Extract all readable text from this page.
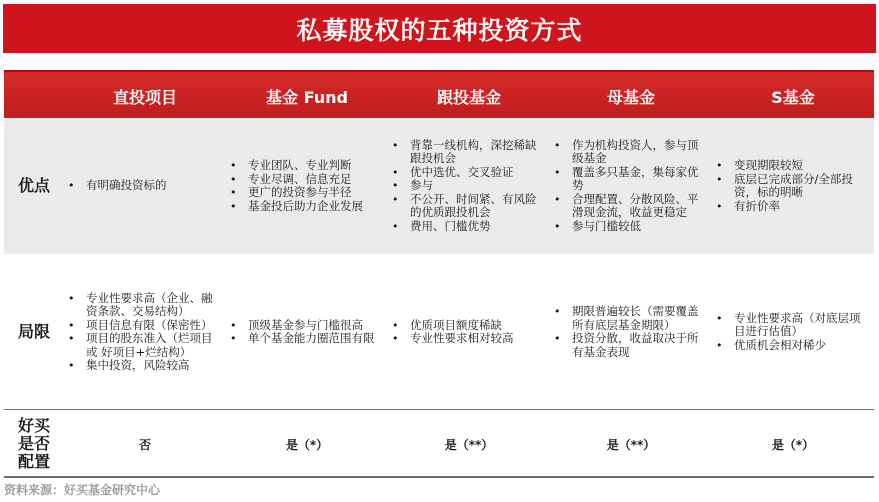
私募股权的五种投资方式
直投项目	基金 Fund	跟投基金	母基金	S基金
优点
•	有明确投资标的
• 专业团队、专业判断
• 专业尽调、信息充足
• 更广的投资参与半径
• 基金投后助力企业发展
• 背靠一线机构，深挖稀缺跟投机会
• 优中选优、交叉验证
• 参与
• 不公开、时间紧、有风险的优质跟投机会
• 费用、门槛优势
• 作为机构投资人，参与顶级基金
• 覆盖多只基金，集每家优势
• 合理配置、分散风险、平滑现金流，收益更稳定
• 参与门槛较低
• 变现期限较短
• 底层已完成部分/全部投资，标的明晰
• 有折价率
局限
• 专业性要求高（企业、融资条款、交易结构）
• 项目信息有限（保密性）
• 项目的股东准入（烂项目 或 好项目+烂结构）
• 集中投资，风险较高
• 顶级基金参与门槛很高
• 单个基金能力圈范围有限
• 优质项目额度稀缺
• 专业性要求相对较高
• 期限普遍较长（需要覆盖所有底层基金期限）
• 投资分散，收益取决于所有基金表现
• 专业性要求高（对底层项目进行估值）
• 优质机会相对稀少
好买是否配置
否	是（*）	是（**）	是（**）	是（*）
资料来源：好买基金研究中心
